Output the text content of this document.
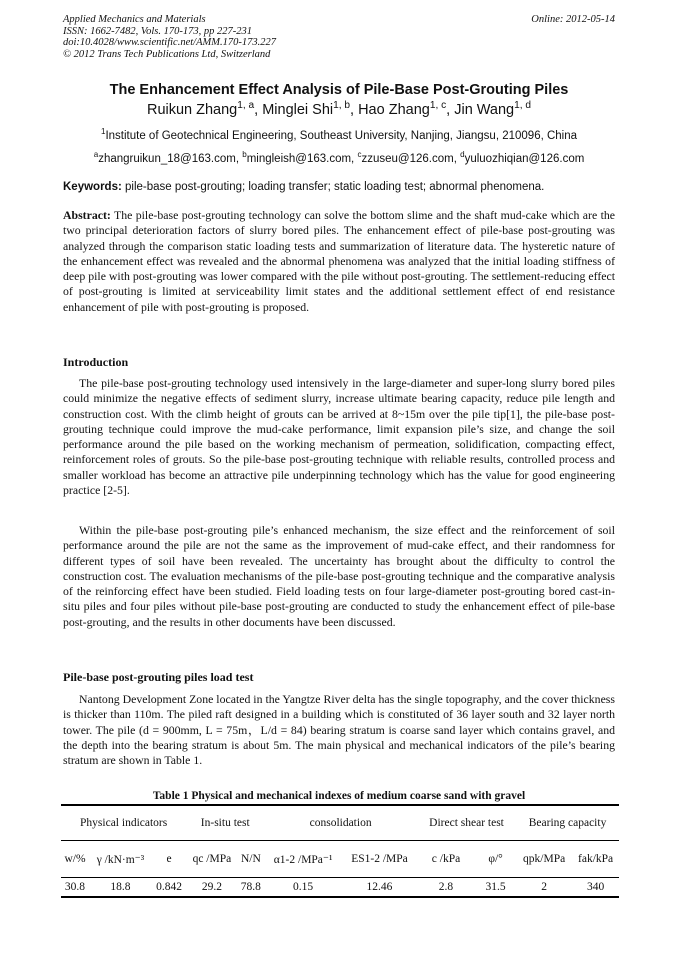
Applied Mechanics and Materials	Online: 2012-05-14
ISSN: 1662-7482, Vols. 170-173, pp 227-231
doi:10.4028/www.scientific.net/AMM.170-173.227
© 2012 Trans Tech Publications Ltd, Switzerland
The Enhancement Effect Analysis of Pile-Base Post-Grouting Piles
Ruikun Zhang$^{1, a}$, Minglei Shi$^{1, b}$, Hao Zhang$^{1, c}$, Jin Wang$^{1, d}$
$^1$Institute of Geotechnical Engineering, Southeast University, Nanjing, Jiangsu, 210096, China
$^a$zhangruikun_18@163.com, $^b$mingleish@163.com, $^c$zzuseu@126.com, $^d$yuluozhiqian@126.com
Keywords: pile-base post-grouting; loading transfer; static loading test; abnormal phenomena.
Abstract: The pile-base post-grouting technology can solve the bottom slime and the shaft mud-cake which are the two principal deterioration factors of slurry bored piles. The enhancement effect of pile-base post-grouting was analyzed through the comparison static loading tests and summarization of literature data. The hysteretic nature of the enhancement effect was revealed and the abnormal phenomena was analyzed that the initial loading stiffness of deep pile with post-grouting was lower compared with the pile without post-grouting. The settlement-reducing effect of post-grouting is limited at serviceability limit states and the additional settlement effect of end resistance enhancement of pile with post-grouting is proposed.
Introduction
The pile-base post-grouting technology used intensively in the large-diameter and super-long slurry bored piles could minimize the negative effects of sediment slurry, increase ultimate bearing capacity, reduce pile length and construction cost. With the climb height of grouts can be arrived at 8~15m over the pile tip[1], the pile-base post-grouting technique could improve the mud-cake performance, limit expansion pile’s size, and change the soil performance around the pile based on the working mechanism of permeation, solidification, compacting effect, reinforcement roles of grouts. So the pile-base post-grouting technique with reliable results, controlled process and smaller workload has become an attractive pile underpinning technology which has the value for good engineering practice [2-5].
Within the pile-base post-grouting pile’s enhanced mechanism, the size effect and the reinforcement of soil performance around the pile are not the same as the improvement of mud-cake effect, and their randomness for different types of soil have been revealed. The uncertainty has brought about the difficulty to control the construction cost. The evaluation mechanisms of the pile-base post-grouting technique and the comparative analysis of the reinforcing effect have been studied. Field loading tests on four large-diameter post-grouting bored cast-in-situ piles and four piles without pile-base post-grouting are conducted to study the enhancement effect of pile-base post-grouting, and the results in other documents have been discussed.
Pile-base post-grouting piles load test
Nantong Development Zone located in the Yangtze River delta has the single topography, and the cover thickness is thicker than 110m. The piled raft designed in a building which is constituted of 36 layer south and 32 layer north tower. The pile (d = 900mm, L = 75m，L/d = 84) bearing stratum is coarse sand layer which contains gravel, and the depth into the bearing stratum is about 5m. The main physical and mechanical indicators of the pile’s bearing stratum are shown in Table 1.
Table 1 Physical and mechanical indexes of medium coarse sand with gravel
Physical indicators			In-situ test		consolidation		Direct shear test		Bearing capacity	
w/%	γ /kN·m⁻³	e	qc /MPa	N/N	α1-2 /MPa⁻¹	ES1-2 /MPa	c /kPa	φ/°	qpk/MPa	fak/kPa
30.8	18.8	0.842	29.2	78.8	0.15	12.46	2.8	31.5	2	340
